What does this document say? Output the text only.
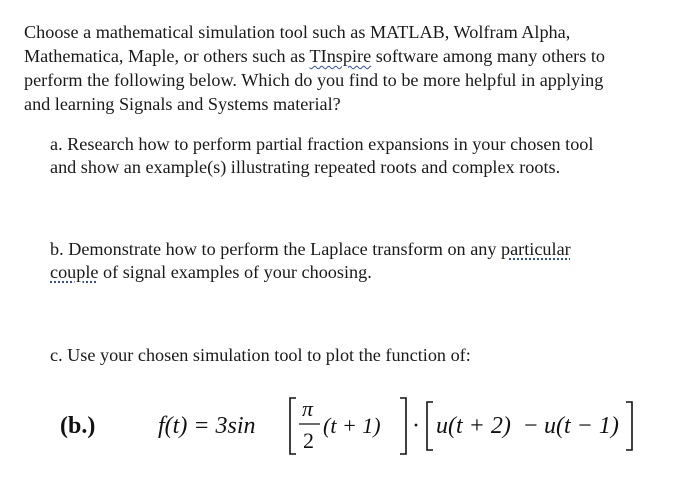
Choose a mathematical simulation tool such as MATLAB, Wolfram Alpha,
Mathematica, Maple, or others such as TInspire software among many others to
perform the following below. Which do you find to be more helpful in applying
and learning Signals and Systems material?
a. Research how to perform partial fraction expansions in your chosen tool
and show an example(s) illustrating repeated roots and complex roots.
b. Demonstrate how to perform the Laplace transform on any particular
couple of signal examples of your choosing.
c. Use your chosen simulation tool to plot the function of:
(b.)	f(t) = 3sin
π
2
(t + 1) · u(t + 2) − u(t − 1)
